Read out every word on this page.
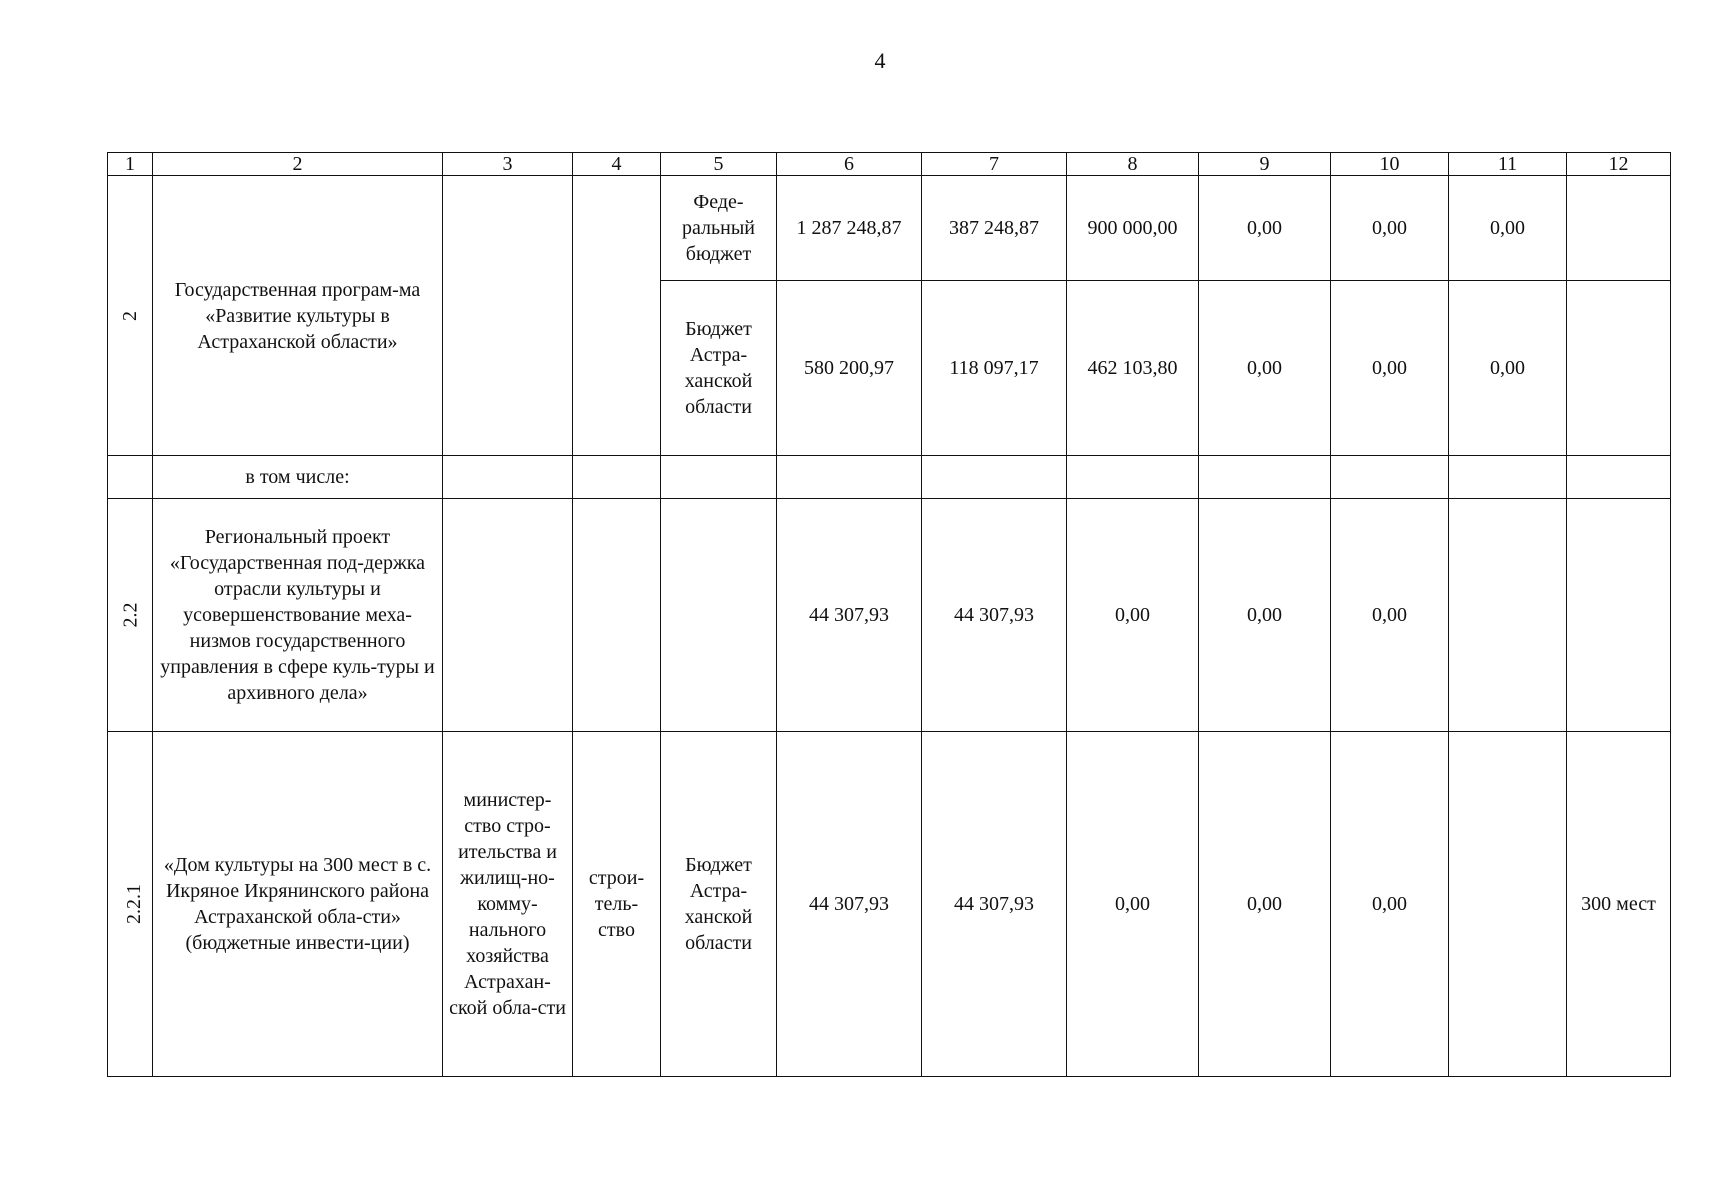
4
1	2	3	4	5	6	7	8	9	10	11	12
2	Государственная програм-ма «Развитие культуры в Астраханской области»			Феде-ральный бюджет	1 287 248,87	387 248,87	900 000,00	0,00	0,00	0,00	
				Бюджет Астра-ханской области	580 200,97	118 097,17	462 103,80	0,00	0,00	0,00	
	в том числе:										
2.2	Региональный проект «Государственная под-держка отрасли культуры и усовершенствование меха-низмов государственного управления в сфере куль-туры и архивного дела»				44 307,93	44 307,93	0,00	0,00	0,00		
2.2.1	«Дом культуры на 300 мест в с. Икряное Икрянинского района Астраханской обла-сти» (бюджетные инвести-ции)	министер-ство стро-ительства и жилищ-но-комму-нального хозяйства Астрахан-ской обла-сти	строи-тель-ство	Бюджет Астра-ханской области	44 307,93	44 307,93	0,00	0,00	0,00		300 мест
